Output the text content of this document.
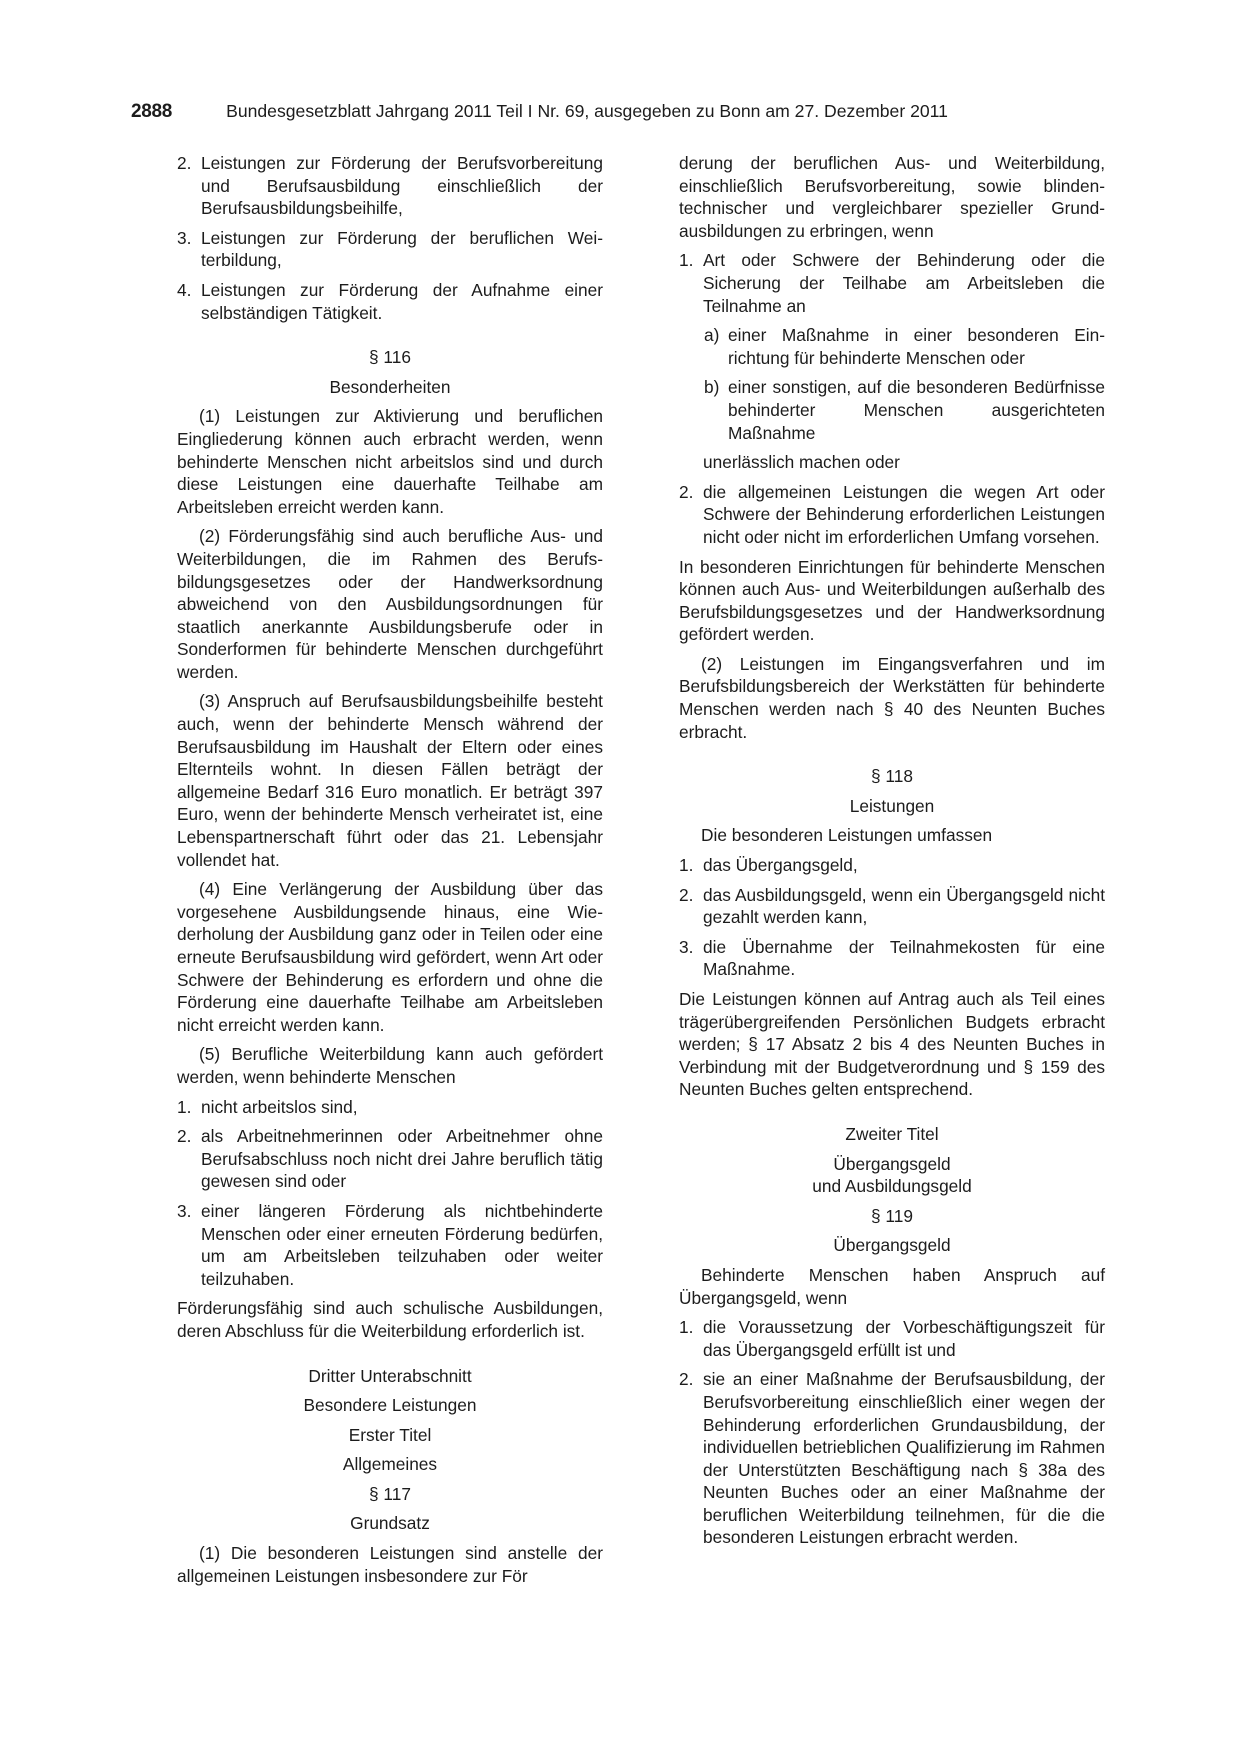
2888	Bundesgesetzblatt Jahrgang 2011 Teil I Nr. 69, ausgegeben zu Bonn am 27. Dezember 2011
2. Leistungen zur Förderung der Berufsvorbereitung und Berufsausbildung einschließlich der Berufsausbildungsbeihilfe,
3. Leistungen zur Förderung der beruflichen Weiterbildung,
4. Leistungen zur Förderung der Aufnahme einer selbständigen Tätigkeit.

§ 116

Besonderheiten

(1) Leistungen zur Aktivierung und beruflichen Eingliederung können auch erbracht werden, wenn behinderte Menschen nicht arbeitslos sind und durch diese Leistungen eine dauerhafte Teilhabe am Arbeitsleben erreicht werden kann.

(2) Förderungsfähig sind auch berufliche Aus- und Weiterbildungen, die im Rahmen des Berufsbildungsgesetzes oder der Handwerksordnung abweichend von den Ausbildungsordnungen für staatlich anerkannte Ausbildungsberufe oder in Sonderformen für behinderte Menschen durchgeführt werden.

(3) Anspruch auf Berufsausbildungsbeihilfe besteht auch, wenn der behinderte Mensch während der Berufsausbildung im Haushalt der Eltern oder eines Elternteils wohnt. In diesen Fällen beträgt der allgemeine Bedarf 316 Euro monatlich. Er beträgt 397 Euro, wenn der behinderte Mensch verheiratet ist, eine Lebenspartnerschaft führt oder das 21. Lebensjahr vollendet hat.

(4) Eine Verlängerung der Ausbildung über das vorgesehene Ausbildungsende hinaus, eine Wiederholung der Ausbildung ganz oder in Teilen oder eine erneute Berufsausbildung wird gefördert, wenn Art oder Schwere der Behinderung es erfordern und ohne die Förderung eine dauerhafte Teilhabe am Arbeitsleben nicht erreicht werden kann.

(5) Berufliche Weiterbildung kann auch gefördert werden, wenn behinderte Menschen

1. nicht arbeitslos sind,
2. als Arbeitnehmerinnen oder Arbeitnehmer ohne Berufsabschluss noch nicht drei Jahre beruflich tätig gewesen sind oder
3. einer längeren Förderung als nichtbehinderte Menschen oder einer erneuten Förderung bedürfen, um am Arbeitsleben teilzuhaben oder weiter teilzuhaben.

Förderungsfähig sind auch schulische Ausbildungen, deren Abschluss für die Weiterbildung erforderlich ist.

Dritter Unterabschnitt

Besondere Leistungen

Erster Titel

Allgemeines

§ 117

Grundsatz

(1) Die besonderen Leistungen sind anstelle der allgemeinen Leistungen insbesondere zur För

derung der beruflichen Aus- und Weiterbildung, einschließlich Berufsvorbereitung, sowie blindentechnischer und vergleichbarer spezieller Grundausbildungen zu erbringen, wenn

1. Art oder Schwere der Behinderung oder die Sicherung der Teilhabe am Arbeitsleben die Teilnahme an
a) einer Maßnahme in einer besonderen Einrichtung für behinderte Menschen oder
b) einer sonstigen, auf die besonderen Bedürfnisse behinderter Menschen ausgerichteten Maßnahme

unerlässlich machen oder

2. die allgemeinen Leistungen die wegen Art oder Schwere der Behinderung erforderlichen Leistungen nicht oder nicht im erforderlichen Umfang vorsehen.

In besonderen Einrichtungen für behinderte Menschen können auch Aus- und Weiterbildungen außerhalb des Berufsbildungsgesetzes und der Handwerksordnung gefördert werden.

(2) Leistungen im Eingangsverfahren und im Berufsbildungsbereich der Werkstätten für behinderte Menschen werden nach § 40 des Neunten Buches erbracht.

§ 118

Leistungen

Die besonderen Leistungen umfassen

1. das Übergangsgeld,
2. das Ausbildungsgeld, wenn ein Übergangsgeld nicht gezahlt werden kann,
3. die Übernahme der Teilnahmekosten für eine Maßnahme.

Die Leistungen können auf Antrag auch als Teil eines trägerübergreifenden Persönlichen Budgets erbracht werden; § 17 Absatz 2 bis 4 des Neunten Buches in Verbindung mit der Budgetverordnung und § 159 des Neunten Buches gelten entsprechend.

Zweiter Titel

Übergangsgeld

und Ausbildungsgeld

§ 119

Übergangsgeld

Behinderte Menschen haben Anspruch auf Übergangsgeld, wenn

1. die Voraussetzung der Vorbeschäftigungszeit für das Übergangsgeld erfüllt ist und
2. sie an einer Maßnahme der Berufsausbildung, der Berufsvorbereitung einschließlich einer wegen der Behinderung erforderlichen Grundausbildung, der individuellen betrieblichen Qualifizierung im Rahmen der Unterstützten Beschäftigung nach § 38a des Neunten Buches oder an einer Maßnahme der beruflichen Weiterbildung teilnehmen, für die die besonderen Leistungen erbracht werden.
